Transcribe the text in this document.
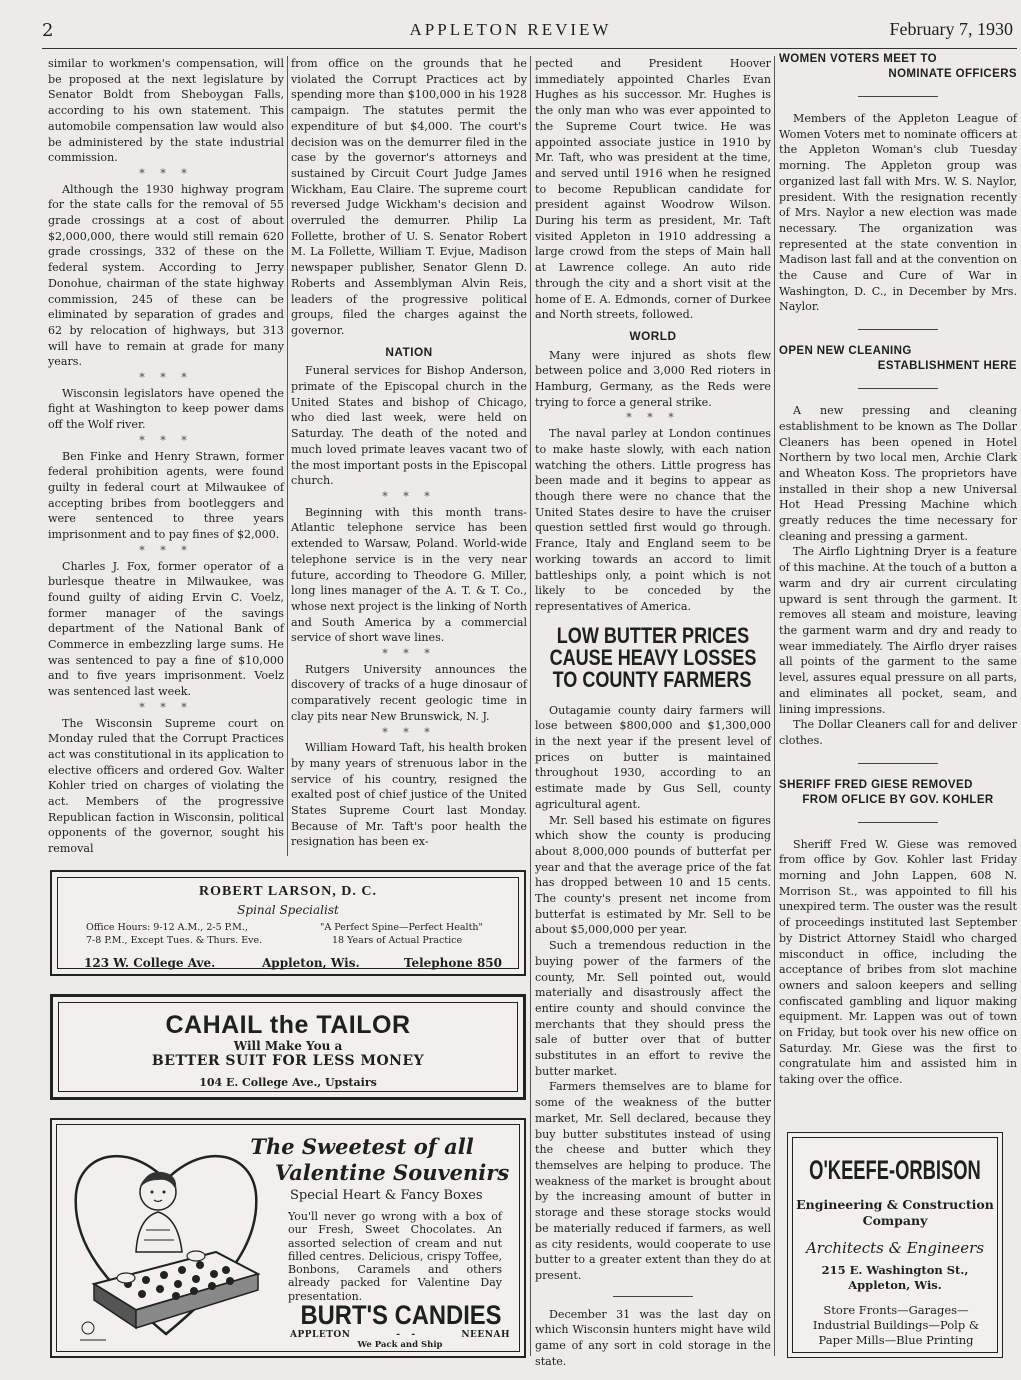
2	APPLETON REVIEW	February 7, 1930

similar to workmen's compensation, will be proposed at the next legislature by Senator Boldt from Sheboygan Falls, according to his own statement. This automobile compensation law would also be administered by the state industrial commission.

* * *

Although the 1930 highway program for the state calls for the removal of 55 grade crossings at a cost of about $2,000,000, there would still remain 620 grade crossings, 332 of these on the federal system. According to Jerry Donohue, chairman of the state highway commission, 245 of these can be eliminated by separation of grades and 62 by relocation of highways, but 313 will have to remain at grade for many years.

* * *

Wisconsin legislators have opened the fight at Washington to keep power dams off the Wolf river.

* * *

Ben Finke and Henry Strawn, former federal prohibition agents, were found guilty in federal court at Milwaukee of accepting bribes from bootleggers and were sentenced to three years imprisonment and to pay fines of $2,000.

* * *

Charles J. Fox, former operator of a burlesque theatre in Milwaukee, was found guilty of aiding Ervin C. Voelz, former manager of the savings department of the National Bank of Commerce in embezzling large sums. He was sentenced to pay a fine of $10,000 and to five years imprisonment. Voelz was sentenced last week.

* * *

The Wisconsin Supreme court on Monday ruled that the Corrupt Practices act was constitutional in its application to elective officers and ordered Gov. Walter Kohler tried on charges of violating the act. Members of the progressive Republican faction in Wisconsin, political opponents of the governor, sought his removal

from office on the grounds that he violated the Corrupt Practices act by spending more than $100,000 in his 1928 campaign. The statutes permit the expenditure of but $4,000. The court's decision was on the demurrer filed in the case by the governor's attorneys and sustained by Circuit Court Judge James Wickham, Eau Claire. The supreme court reversed Judge Wickham's decision and overruled the demurrer. Philip La Follette, brother of U. S. Senator Robert M. La Follette, William T. Evjue, Madison newspaper publisher, Senator Glenn D. Roberts and Assemblyman Alvin Reis, leaders of the progressive political groups, filed the charges against the governor.

NATION

Funeral services for Bishop Anderson, primate of the Episcopal church in the United States and bishop of Chicago, who died last week, were held on Saturday. The death of the noted and much loved primate leaves vacant two of the most important posts in the Episcopal church.

* * *

Beginning with this month trans-Atlantic telephone service has been extended to Warsaw, Poland. World-wide telephone service is in the very near future, according to Theodore G. Miller, long lines manager of the A. T. & T. Co., whose next project is the linking of North and South America by a commercial service of short wave lines.

* * *

Rutgers University announces the discovery of tracks of a huge dinosaur of comparatively recent geologic time in clay pits near New Brunswick, N. J.

* * *

William Howard Taft, his health broken by many years of strenuous labor in the service of his country, resigned the exalted post of chief justice of the United States Supreme Court last Monday. Because of Mr. Taft's poor health the resignation has been ex-

pected and President Hoover immediately appointed Charles Evan Hughes as his successor. Mr. Hughes is the only man who was ever appointed to the Supreme Court twice. He was appointed associate justice in 1910 by Mr. Taft, who was president at the time, and served until 1916 when he resigned to become Republican candidate for president against Woodrow Wilson. During his term as president, Mr. Taft visited Appleton in 1910 addressing a large crowd from the steps of Main hall at Lawrence college. An auto ride through the city and a short visit at the home of E. A. Edmonds, corner of Durkee and North streets, followed.

WORLD

Many were injured as shots flew between police and 3,000 Red rioters in Hamburg, Germany, as the Reds were trying to force a general strike.

* * *

The naval parley at London continues to make haste slowly, with each nation watching the others. Little progress has been made and it begins to appear as though there were no chance that the United States desire to have the cruiser question settled first would go through. France, Italy and England seem to be working towards an accord to limit battleships only, a point which is not likely to be conceded by the representatives of America.

LOW BUTTER PRICES
CAUSE HEAVY LOSSES
TO COUNTY FARMERS

Outagamie county dairy farmers will lose between $800,000 and $1,300,000 in the next year if the present level of prices on butter is maintained throughout 1930, according to an estimate made by Gus Sell, county agricultural agent.

Mr. Sell based his estimate on figures which show the county is producing about 8,000,000 pounds of butterfat per year and that the average price of the fat has dropped between 10 and 15 cents. The county's present net income from butterfat is estimated by Mr. Sell to be about $5,000,000 per year.

Such a tremendous reduction in the buying power of the farmers of the county, Mr. Sell pointed out, would materially and disastrously affect the entire county and should convince the merchants that they should press the sale of butter over that of butter substitutes in an effort to revive the butter market.

Farmers themselves are to blame for some of the weakness of the butter market, Mr. Sell declared, because they buy butter substitutes instead of using the cheese and butter which they themselves are helping to produce. The weakness of the market is brought about by the increasing amount of butter in storage and these storage stocks would be materially reduced if farmers, as well as city residents, would cooperate to use butter to a greater extent than they do at present.

December 31 was the last day on which Wisconsin hunters might have wild game of any sort in cold storage in the state.

WOMEN VOTERS MEET TO
NOMINATE OFFICERS

Members of the Appleton League of Women Voters met to nominate officers at the Appleton Woman's club Tuesday morning. The Appleton group was organized last fall with Mrs. W. S. Naylor, president. With the resignation recently of Mrs. Naylor a new election was made necessary. The organization was represented at the state convention in Madison last fall and at the convention on the Cause and Cure of War in Washington, D. C., in December by Mrs. Naylor.

OPEN NEW CLEANING
ESTABLISHMENT HERE

A new pressing and cleaning establishment to be known as The Dollar Cleaners has been opened in Hotel Northern by two local men, Archie Clark and Wheaton Koss. The proprietors have installed in their shop a new Universal Hot Head Pressing Machine which greatly reduces the time necessary for cleaning and pressing a garment.

The Airflo Lightning Dryer is a feature of this machine. At the touch of a button a warm and dry air current circulating upward is sent through the garment. It removes all steam and moisture, leaving the garment warm and dry and ready to wear immediately. The Airflo dryer raises all points of the garment to the same level, assures equal pressure on all parts, and eliminates all pocket, seam, and lining impressions.

The Dollar Cleaners call for and deliver clothes.

SHERIFF FRED GIESE REMOVED
FROM OFLICE BY GOV. KOHLER

Sheriff Fred W. Giese was removed from office by Gov. Kohler last Friday morning and John Lappen, 608 N. Morrison St., was appointed to fill his unexpired term. The ouster was the result of proceedings instituted last September by District Attorney Staidl who charged misconduct in office, including the acceptance of bribes from slot machine owners and saloon keepers and selling confiscated gambling and liquor making equipment. Mr. Lappen was out of town on Friday, but took over his new office on Saturday. Mr. Giese was the first to congratulate him and assisted him in taking over the office.

ROBERT LARSON, D. C.
Spinal Specialist
Office Hours: 9-12 A.M., 2-5 P.M.,
7-8 P.M., Except Tues. & Thurs. Eve.
"A Perfect Spine—Perfect Health"
18 Years of Actual Practice
123 W. College Ave.	Appleton, Wis.	Telephone 850
CAHAIL the TAILOR
Will Make You a
BETTER SUIT FOR LESS MONEY
104 E. College Ave., Upstairs
The Sweetest of all
Valentine Souvenirs
Special Heart & Fancy Boxes
You'll never go wrong with a box of our Fresh, Sweet Chocolates. An assorted selection of cream and nut filled centres. Delicious, crispy Toffee, Bonbons, Caramels and others already packed for Valentine Day presentation.
BURT'S CANDIES
APPLETON	-   -	NEENAH
We Pack and Ship
O'KEEFE-ORBISON
Engineering & Construction
Company
Architects & Engineers
215 E. Washington St.,
Appleton, Wis.
Store Fronts—Garages—Industrial Buildings—Polp & Paper Mills—Blue Printing
